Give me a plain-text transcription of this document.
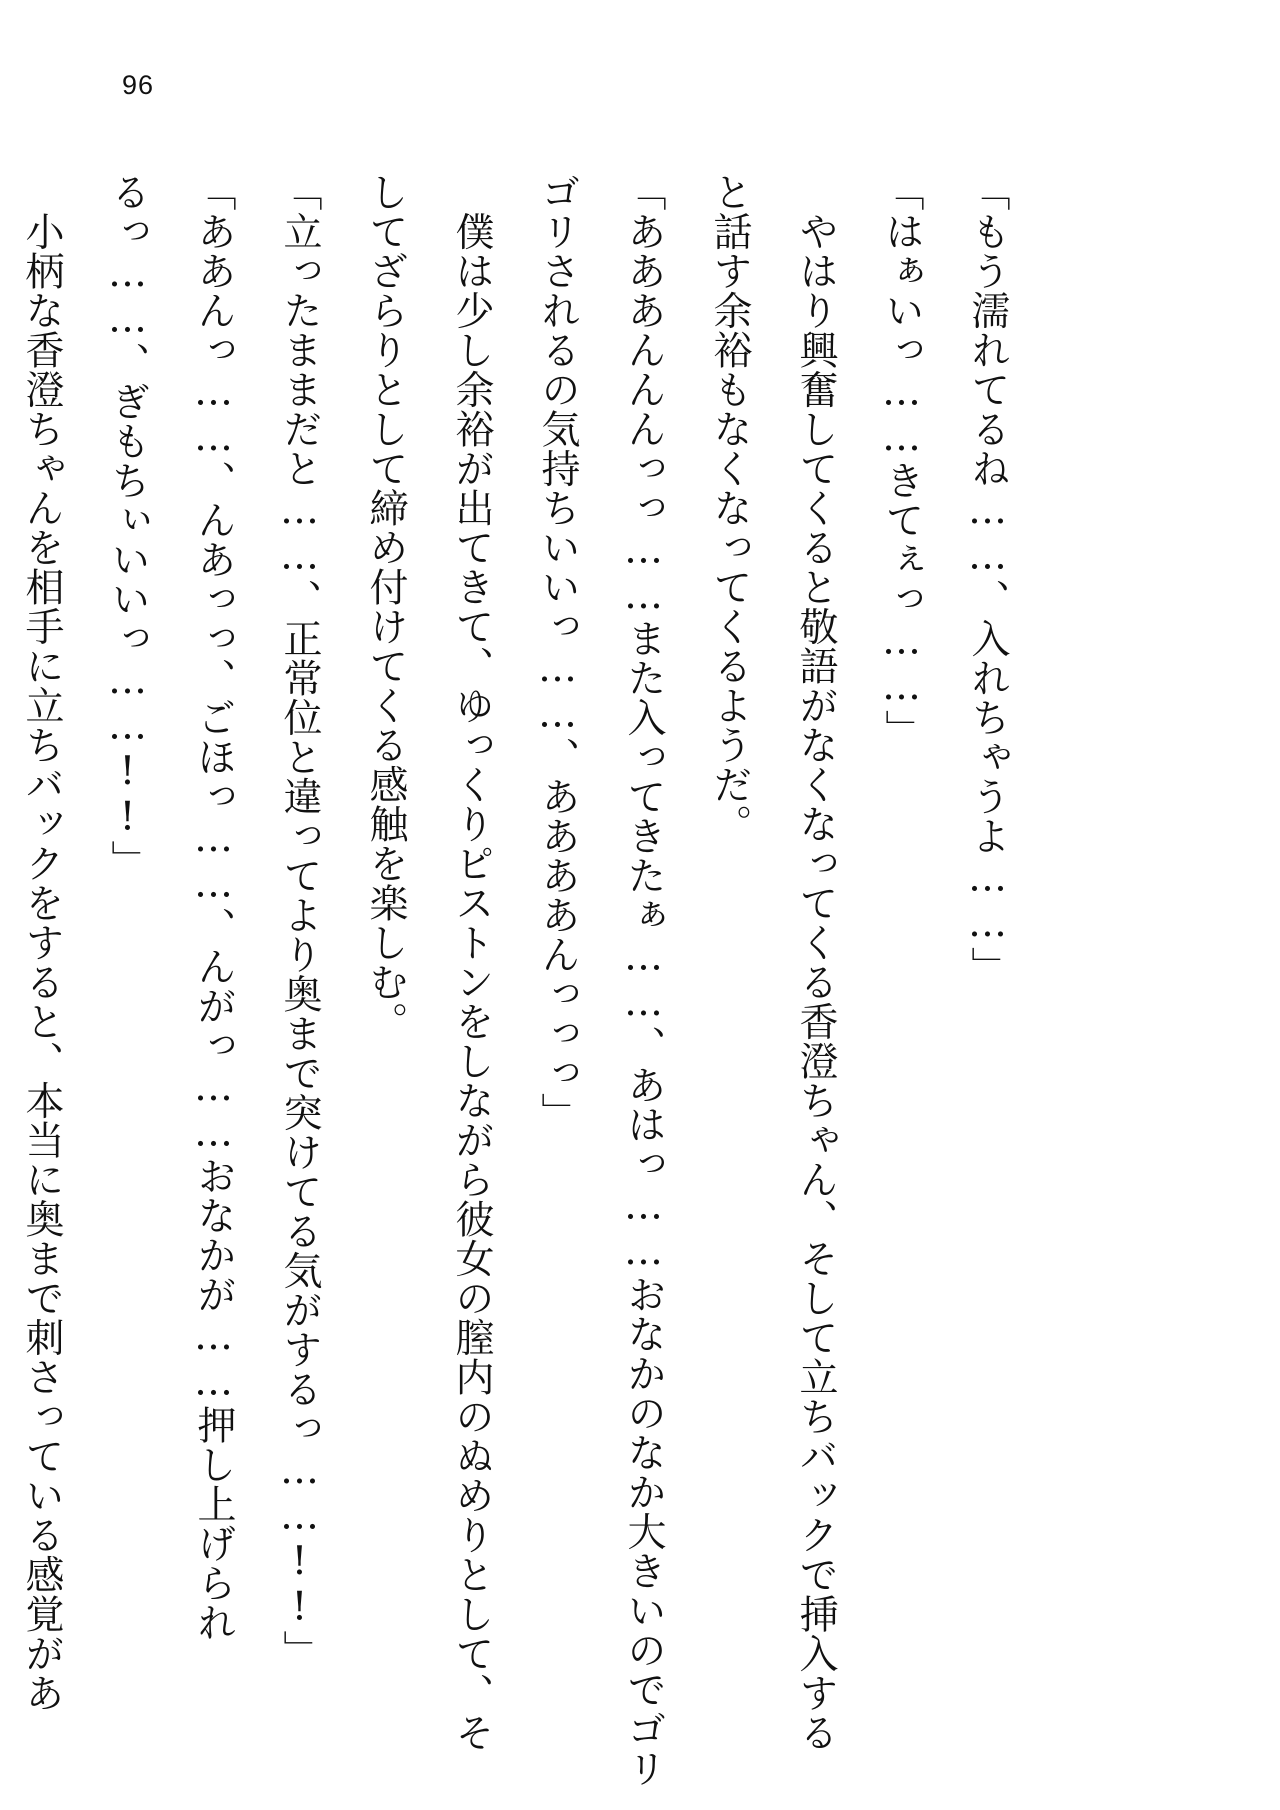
96
「もう濡れてるね……、入れちゃうよ……」
「はぁいっ……きてぇっ……」
　やはり興奮してくると敬語がなくなってくる香澄ちゃん、そして立ちバックで挿入する
と話す余裕もなくなってくるようだ。
「あああんんんっっ……また入ってきたぁ……、あはっ……おなかのなか大きいのでゴリ
ゴリされるの気持ちいいっ……、ああああんっっっ」
　僕は少し余裕が出てきて、ゆっくりピストンをしながら彼女の膣内のぬめりとして、そ
してざらりとして締め付けてくる感触を楽しむ。
「立ったままだと……、正常位と違ってより奥まで突けてる気がするっ……!!」
「ああんっ……、んあっっ、ごほっ……、んがっ……おなかが……押し上げられ
るっ……、ぎもちぃいいっ……!!」
　小柄な香澄ちゃんを相手に立ちバックをすると、本当に奥まで刺さっている感覚があ
